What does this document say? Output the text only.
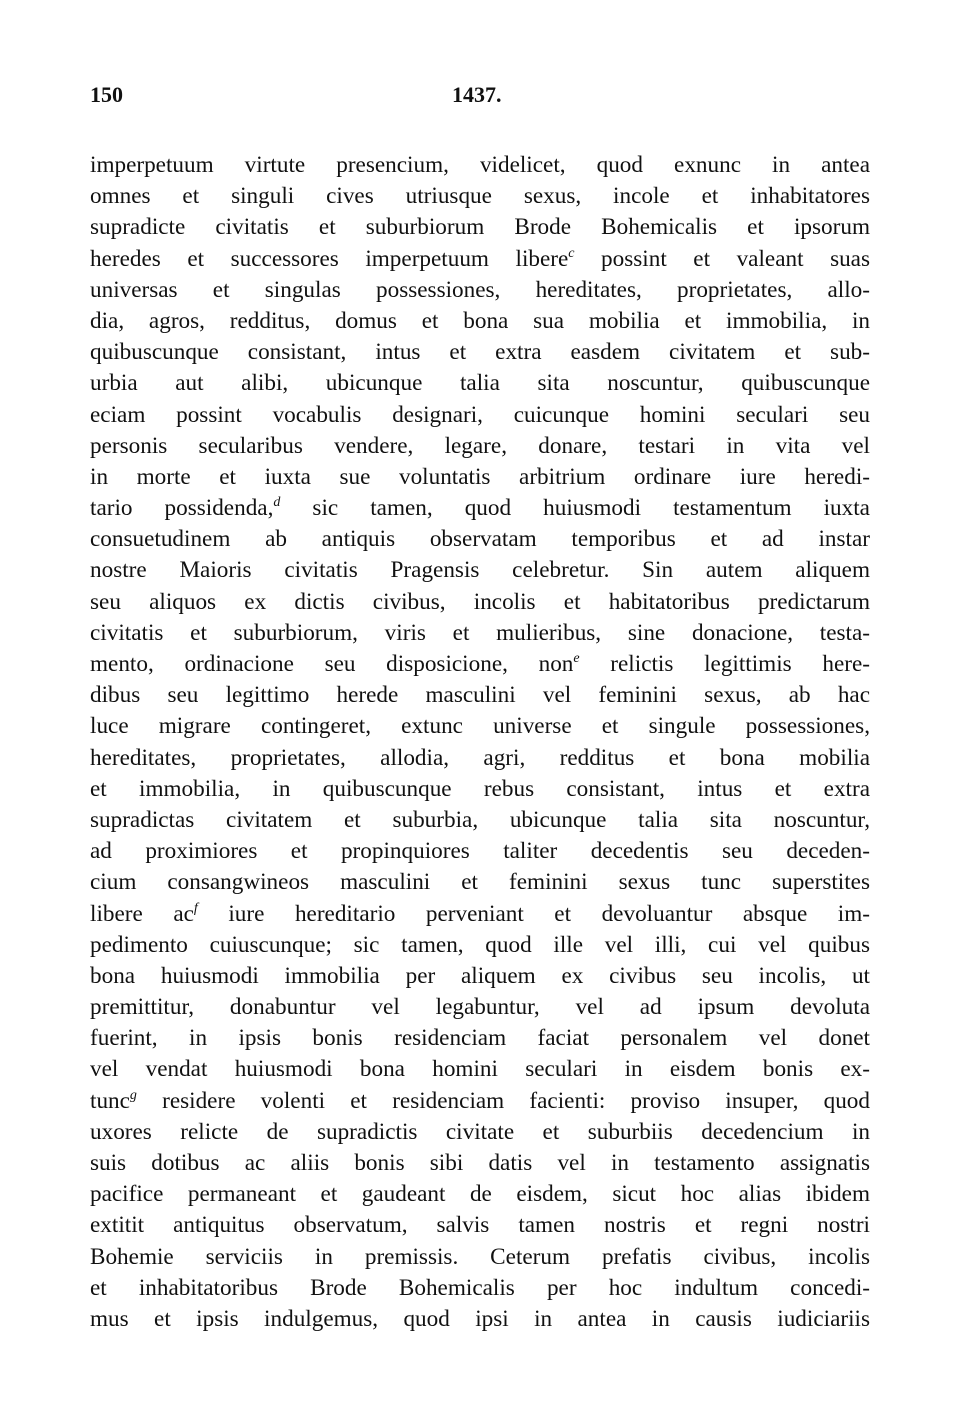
150	1437.
imperpetuum virtute presencium, videlicet, quod exnunc in antea
omnes et singuli cives utriusque sexus, incole et inhabitatores
supradicte civitatis et suburbiorum Brode Bohemicalis et ipsorum
heredes et successores imperpetuum libere$^c$ possint et valeant suas
universas et singulas possessiones, hereditates, proprietates, allo-
dia, agros, redditus, domus et bona sua mobilia et immobilia, in
quibuscunque consistant, intus et extra easdem civitatem et sub-
urbia aut alibi, ubicunque talia sita noscuntur, quibuscunque
eciam possint vocabulis designari, cuicunque homini seculari seu
personis secularibus vendere, legare, donare, testari in vita vel
in morte et iuxta sue voluntatis arbitrium ordinare iure heredi-
tario possidenda,$^d$ sic tamen, quod huiusmodi testamentum iuxta
consuetudinem ab antiquis observatam temporibus et ad instar
nostre Maioris civitatis Pragensis celebretur. Sin autem aliquem
seu aliquos ex dictis civibus, incolis et habitatoribus predictarum
civitatis et suburbiorum, viris et mulieribus, sine donacione, testa-
mento, ordinacione seu disposicione, non$^e$ relictis legittimis here-
dibus seu legittimo herede masculini vel feminini sexus, ab hac
luce migrare contingeret, extunc universe et singule possessiones,
hereditates, proprietates, allodia, agri, redditus et bona mobilia
et immobilia, in quibuscunque rebus consistant, intus et extra
supradictas civitatem et suburbia, ubicunque talia sita noscuntur,
ad proximiores et propinquiores taliter decedentis seu deceden-
cium consangwineos masculini et feminini sexus tunc superstites
libere $ac^f$ iure hereditario perveniant et devoluantur absque im-
pedimento cuiuscunque; sic tamen, quod ille vel illi, cui vel quibus
bona huiusmodi immobilia per aliquem ex civibus seu incolis, ut
premittitur, donabuntur vel legabuntur, vel ad ipsum devoluta
fuerint, in ipsis bonis residenciam faciat personalem vel donet
vel vendat huiusmodi bona homini seculari in eisdem bonis ex-
tunc$^g$ residere volenti et residenciam facienti: proviso insuper, quod
uxores relicte de supradictis civitate et suburbiis decedencium in
suis dotibus ac aliis bonis sibi datis vel in testamento assignatis
pacifice permaneant et gaudeant de eisdem, sicut hoc alias ibidem
extitit antiquitus observatum, salvis tamen nostris et regni nostri
Bohemie serviciis in premissis. Ceterum prefatis civibus, incolis
et inhabitatoribus Brode Bohemicalis per hoc indultum concedi-
mus et ipsis indulgemus, quod ipsi in antea in causis iudiciariis
